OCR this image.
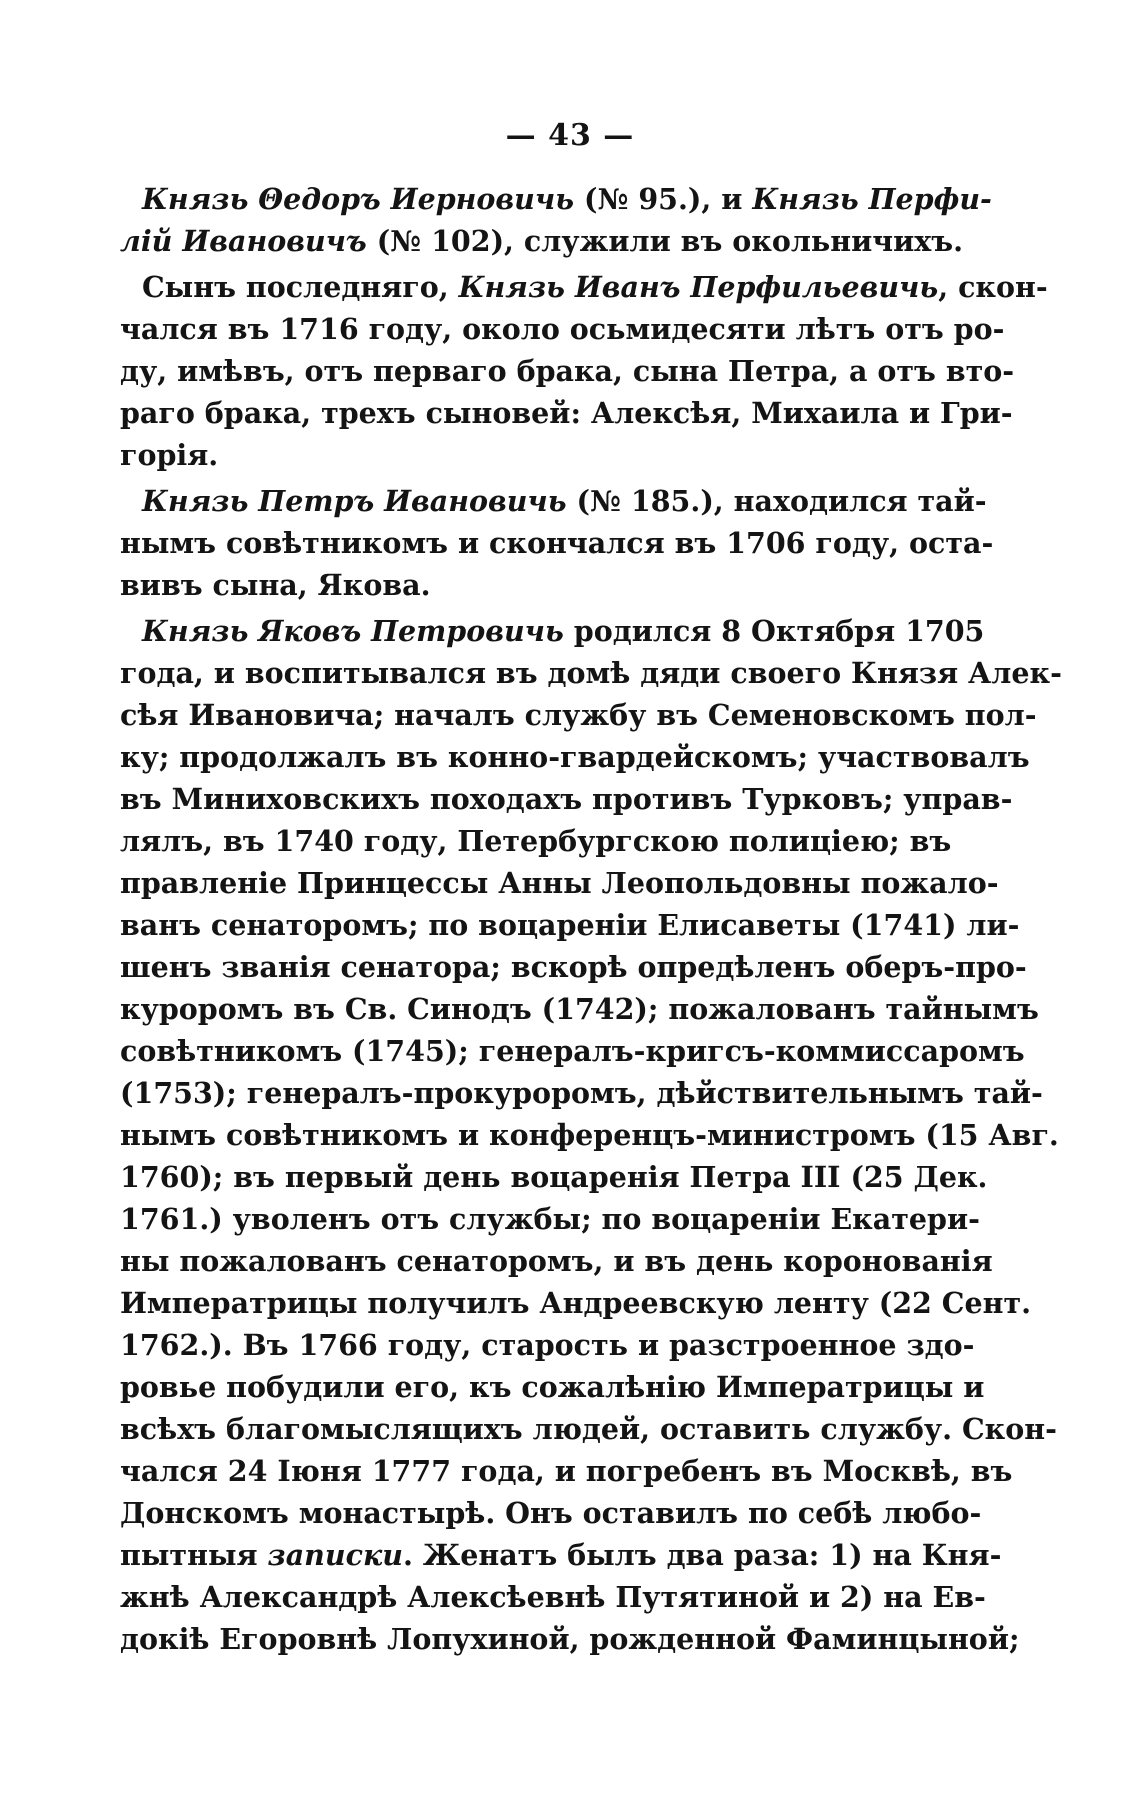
— 43 —
Князь Θедоръ Иеpновичь (№ 95.), и Князь Перфи-
лій Ивановичъ (№ 102), служили въ окольничихъ.
Сынъ последняго, Князь Иванъ Перфильевичь, скон-
чался въ 1716 году, около осьмидесяти лѣтъ отъ ро-
ду, имѣвъ, отъ перваго брака, сына Петра, а отъ вто-
раго брака, трехъ сыновей: Алексѣя, Михаила и Гри-
горія.
Князь Петръ Ивановичь (№ 185.), находился тай-
нымъ совѣтникомъ и скончался въ 1706 году, оста-
вивъ сына, Якова.
Князь Яковъ Петровичь родился 8 Октября 1705
года, и воспитывался въ домѣ дяди своего Князя Алек-
сѣя Ивановича; началъ службу въ Семеновскомъ пол-
ку; продолжалъ въ конно-гвардейскомъ; участвовалъ
въ Миниховскихъ походахъ противъ Турковъ; управ-
лялъ, въ 1740 году, Петербургскою полиціею; въ
правленіе Принцессы Анны Леопольдовны пожало-
ванъ сенаторомъ; по воцареніи Елисаветы (1741) ли-
шенъ званія сенатора; вскорѣ опредѣленъ оберъ-про-
куроромъ въ Св. Синодъ (1742); пожалованъ тайнымъ
совѣтникомъ (1745); генералъ-кригсъ-коммиссаромъ
(1753); генералъ-прокуроромъ, дѣйствительнымъ тай-
нымъ совѣтникомъ и конференцъ-министромъ (15 Авг.
1760); въ первый день воцаренія Петра III (25 Дек.
1761.) уволенъ отъ службы; по воцареніи Екатери-
ны пожалованъ сенаторомъ, и въ день коронованія
Императрицы получилъ Андреевскую ленту (22 Сент.
1762.). Въ 1766 году, старость и разстроенное здо-
ровье побудили его, къ сожалѣнію Императрицы и
всѣхъ благомыслящихъ людей, оставить службу. Скон-
чался 24 Іюня 1777 года, и погребенъ въ Москвѣ, въ
Донскомъ монастырѣ. Онъ оставилъ по себѣ любо-
пытныя записки. Женатъ былъ два раза: 1) на Кня-
жнѣ Александрѣ Алексѣевнѣ Путятиной и 2) на Ев-
докіѣ Егоровнѣ Лопухиной, рожденной Фаминцыной;
